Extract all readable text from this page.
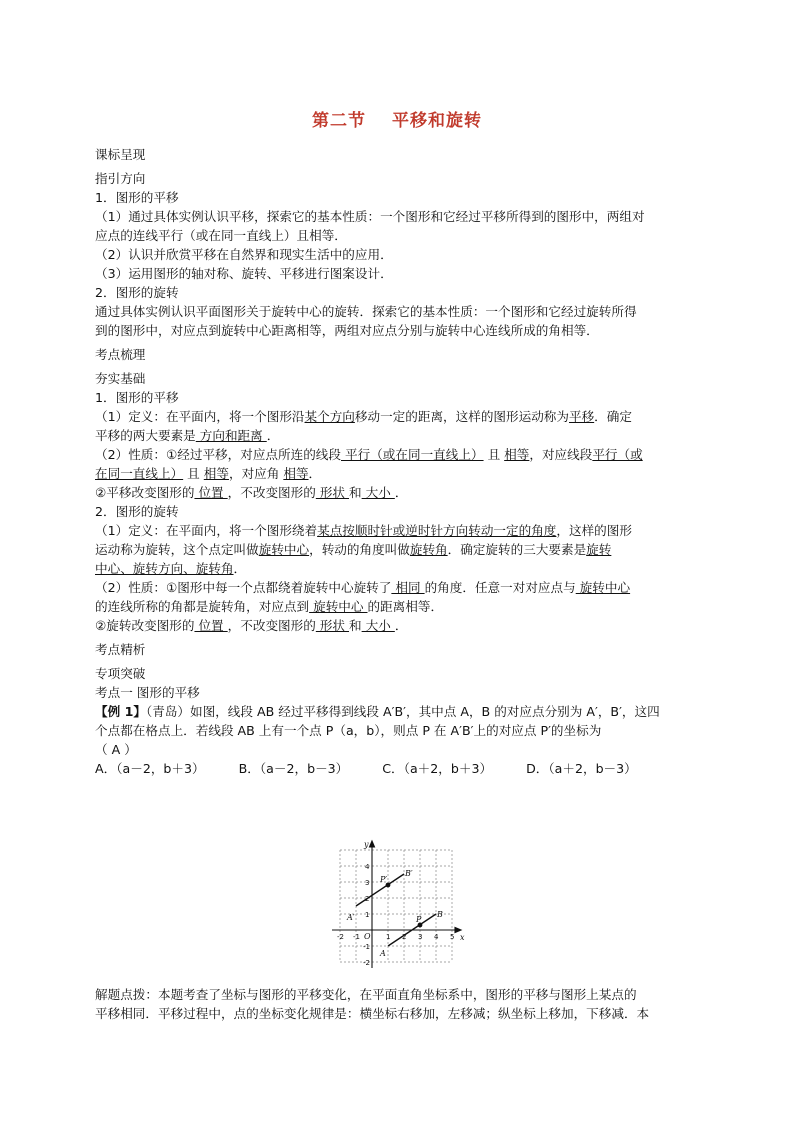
第二节 平移和旋转
课标呈现
指引方向
1．图形的平移
（1）通过具体实例认识平移，探索它的基本性质：一个图形和它经过平移所得到的图形中，两组对
应点的连线平行（或在同一直线上）且相等．
（2）认识并欣赏平移在自然界和现实生活中的应用．
（3）运用图形的轴对称、旋转、平移进行图案设计．
2．图形的旋转
通过具体实例认识平面图形关于旋转中心的旋转．探索它的基本性质：一个图形和它经过旋转所得
到的图形中，对应点到旋转中心距离相等，两组对应点分别与旋转中心连线所成的角相等．
考点梳理
夯实基础
1．图形的平移
（1）定义：在平面内，将一个图形沿某个方向移动一定的距离，这样的图形运动称为平移．确定
平移的两大要素是 方向和距离 ．
（2）性质：①经过平移，对应点所连的线段 平行（或在同一直线上） 且 相等，对应线段平行（或
在同一直线上） 且 相等，对应角 相等．
②平移改变图形的 位置 ，不改变图形的 形状 和 大小 ．
2．图形的旋转
（1）定义：在平面内，将一个图形绕着某点按顺时针或逆时针方向转动一定的角度，这样的图形
运动称为旋转，这个点定叫做旋转中心，转动的角度叫做旋转角．确定旋转的三大要素是旋转
中心、旋转方向、旋转角．
（2）性质：①图形中每一个点都绕着旋转中心旋转了 相同 的角度．任意一对对应点与 旋转中心
的连线所称的角都是旋转角，对应点到 旋转中心 的距离相等．
②旋转改变图形的 位置 ，不改变图形的 形状 和 大小 ．
考点精析
专项突破
考点一 图形的平移
【例 1】（青岛）如图，线段 AB 经过平移得到线段 A′B′，其中点 A，B 的对应点分别为 A′，B′，这四
个点都在格点上．若线段 AB 上有一个点 P（a，b），则点 P 在 A′B′上的对应点 P′的坐标为
（ A ）
A．（a－2，b＋3）	B．（a－2，b－3）	C．（a＋2，b＋3）	D．（a＋2，b－3）
x
y
O
A′
B′
P′
A
B
P
-2 -1	1 2 3 4 5
4
3
2
1
-1
-2
解题点拨：本题考查了坐标与图形的平移变化，在平面直角坐标系中，图形的平移与图形上某点的
平移相同．平移过程中，点的坐标变化规律是：横坐标右移加，左移减；纵坐标上移加，下移减．本
